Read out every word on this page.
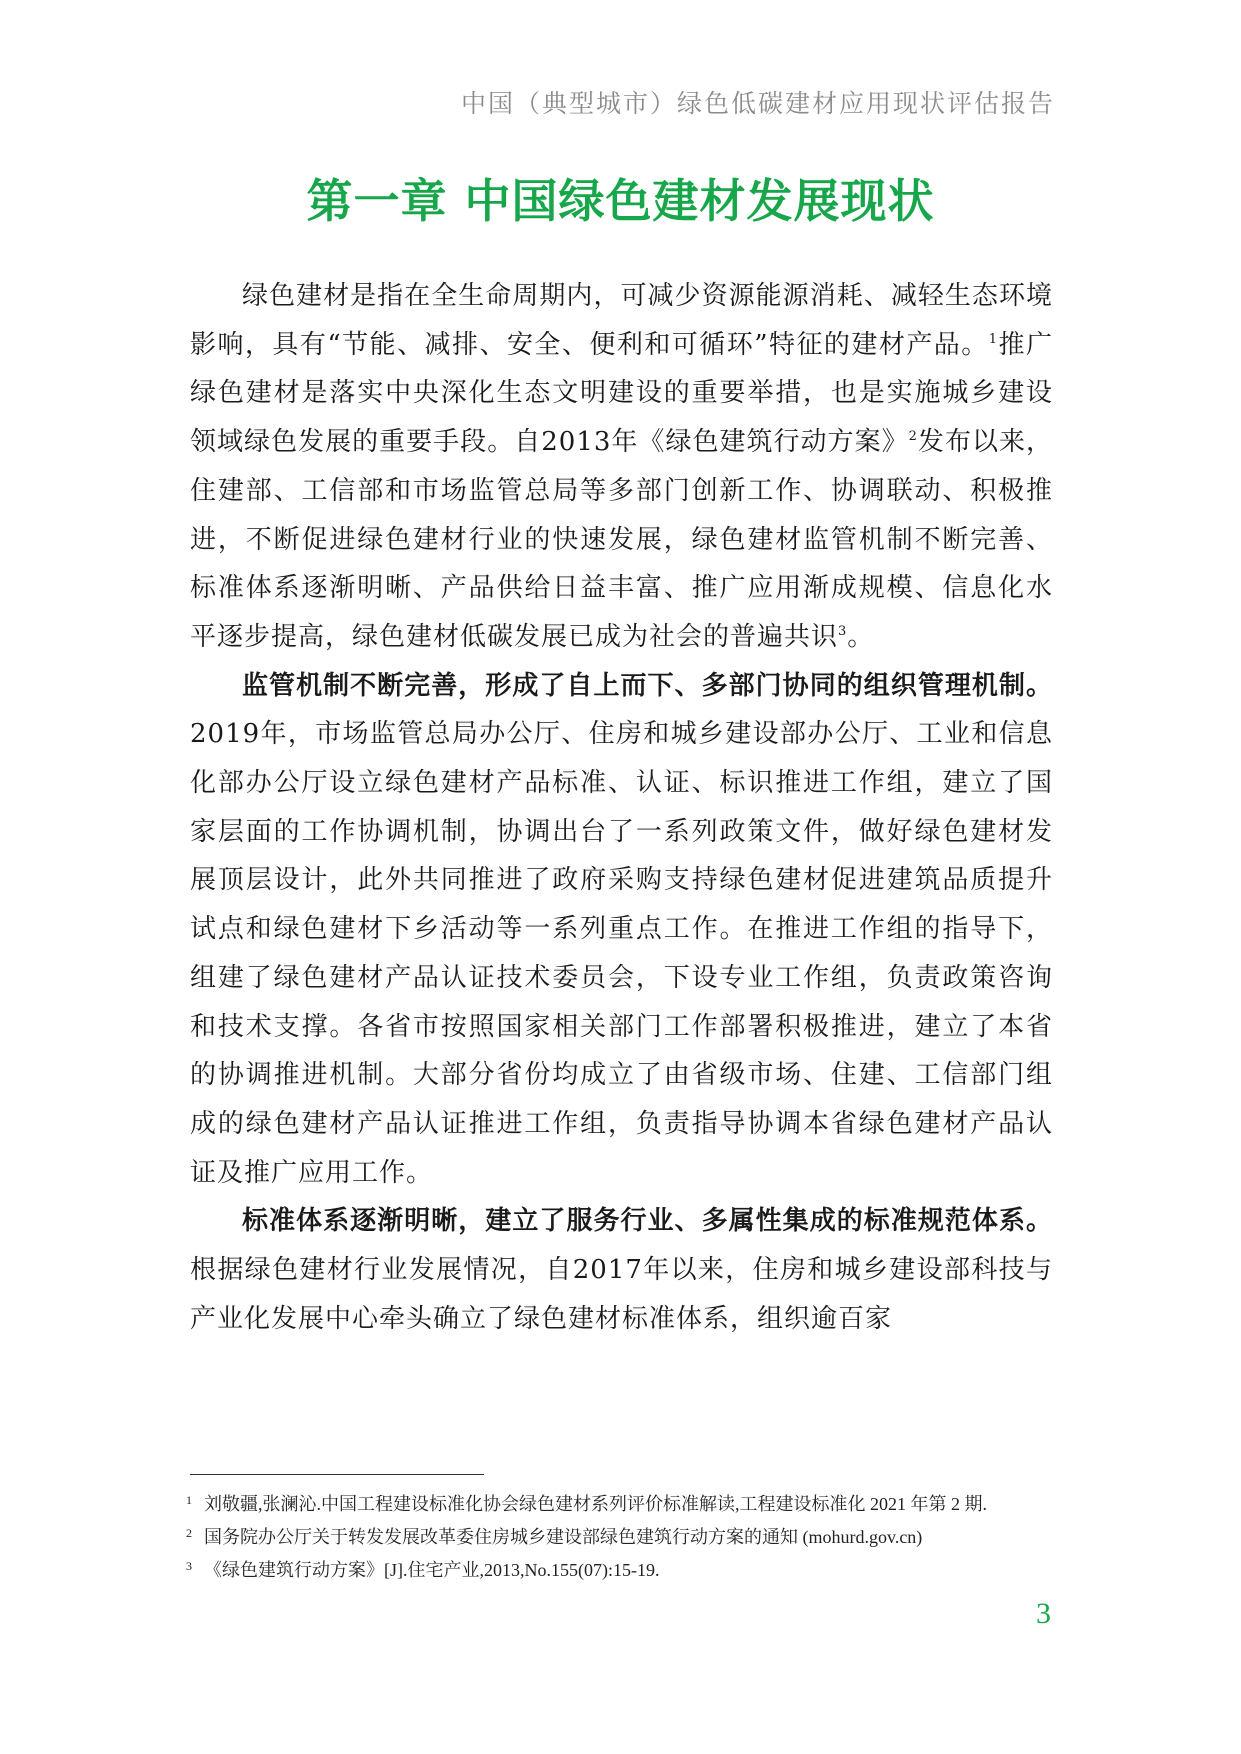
中国（典型城市）绿色低碳建材应用现状评估报告
第一章 中国绿色建材发展现状

绿色建材是指在全生命周期内，可减少资源能源消耗、减轻生态环境影响，具有“节能、减排、安全、便利和可循环”特征的建材产品。$^1$推广绿色建材是落实中央深化生态文明建设的重要举措，也是实施城乡建设领域绿色发展的重要手段。自2013年《绿色建筑行动方案》$^2$发布以来，住建部、工信部和市场监管总局等多部门创新工作、协调联动、积极推进，不断促进绿色建材行业的快速发展，绿色建材监管机制不断完善、标准体系逐渐明晰、产品供给日益丰富、推广应用渐成规模、信息化水平逐步提高，绿色建材低碳发展已成为社会的普遍共识$^3$。

监管机制不断完善，形成了自上而下、多部门协同的组织管理机制。2019年，市场监管总局办公厅、住房和城乡建设部办公厅、工业和信息化部办公厅设立绿色建材产品标准、认证、标识推进工作组，建立了国家层面的工作协调机制，协调出台了一系列政策文件，做好绿色建材发展顶层设计，此外共同推进了政府采购支持绿色建材促进建筑品质提升试点和绿色建材下乡活动等一系列重点工作。在推进工作组的指导下，组建了绿色建材产品认证技术委员会，下设专业工作组，负责政策咨询和技术支撑。各省市按照国家相关部门工作部署积极推进，建立了本省的协调推进机制。大部分省份均成立了由省级市场、住建、工信部门组成的绿色建材产品认证推进工作组，负责指导协调本省绿色建材产品认证及推广应用工作。

标准体系逐渐明晰，建立了服务行业、多属性集成的标准规范体系。根据绿色建材行业发展情况，自2017年以来，住房和城乡建设部科技与产业化发展中心牵头确立了绿色建材标准体系，组织逾百家

$^1$ 刘敬疆,张澜沁.中国工程建设标准化协会绿色建材系列评价标准解读,工程建设标准化 2021 年第 2 期.

$^2$ 国务院办公厅关于转发发展改革委住房城乡建设部绿色建筑行动方案的通知 (mohurd.gov.cn)

$^3$ 《绿色建筑行动方案》[J].住宅产业,2013,No.155(07):15-19.

3
